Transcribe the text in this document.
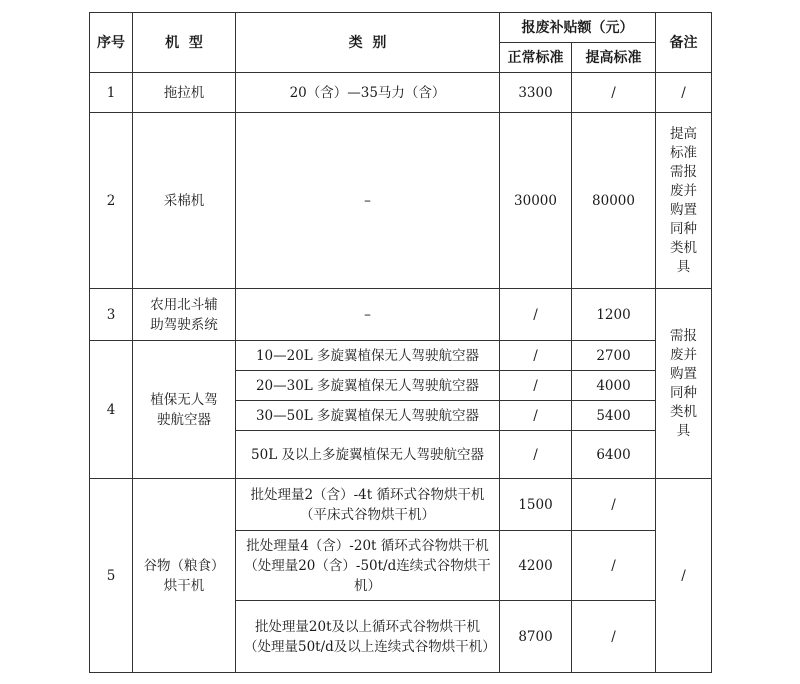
序号	机  型	类  别	报废补贴额（元）		备注
			正常标准	提高标准	
1	拖拉机	20（含）—35马力（含）	3300	/	/
2	采棉机	–	30000	80000	提高标准需报废并购置同种类机具
3	农用北斗辅助驾驶系统	–	/	1200	需报废并购置同种类机具
4	植保无人驾驶航空器	10—20L 多旋翼植保无人驾驶航空器	/	2700	
		20—30L 多旋翼植保无人驾驶航空器	/	4000	
		30—50L 多旋翼植保无人驾驶航空器	/	5400	
		50L 及以上多旋翼植保无人驾驶航空器	/	6400	
5	谷物（粮食）烘干机	批处理量2（含）-4t 循环式谷物烘干机（平床式谷物烘干机）	1500	/	/
		批处理量4（含）-20t 循环式谷物烘干机（处理量20（含）-50t/d连续式谷物烘干机）	4200	/	
		批处理量20t及以上循环式谷物烘干机（处理量50t/d及以上连续式谷物烘干机）	8700	/	
